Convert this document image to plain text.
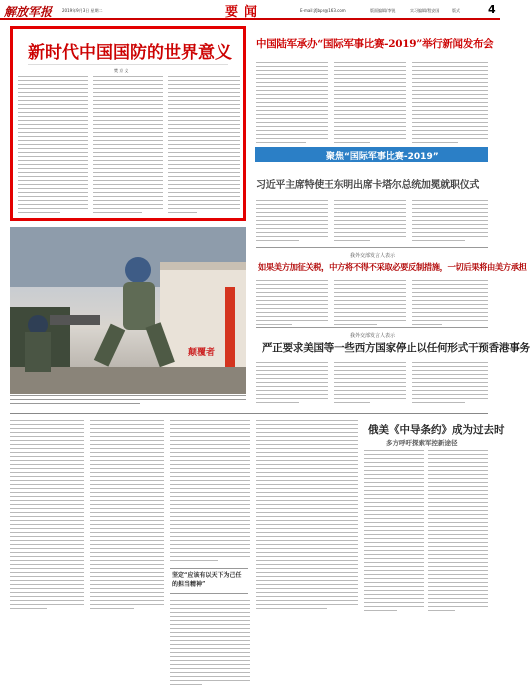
解放军报 2019年9月3日 星期二	要闻	E-mail:jfjbpr@163.com	版面编辑/李锐	实习编辑/程安国	版式	4
新时代中国国防的世界意义
樊 京 义
中国陆军承办“国际军事比赛-2019”举行新闻发布会
聚焦“国际军事比赛-2019”
习近平主席特使王东明出席卡塔尔总统加冕就职仪式
我外交部发言人表示
如果美方加征关税，中方将不得不采取必要反制措施，一切后果将由美方承担
我外交部发言人表示
严正要求美国等一些西方国家停止以任何形式干预香港事务
颠覆者
坚定“应该有以天下为己任的担当精神”
俄美《中导条约》成为过去时
多方呼吁探索军控新途径
